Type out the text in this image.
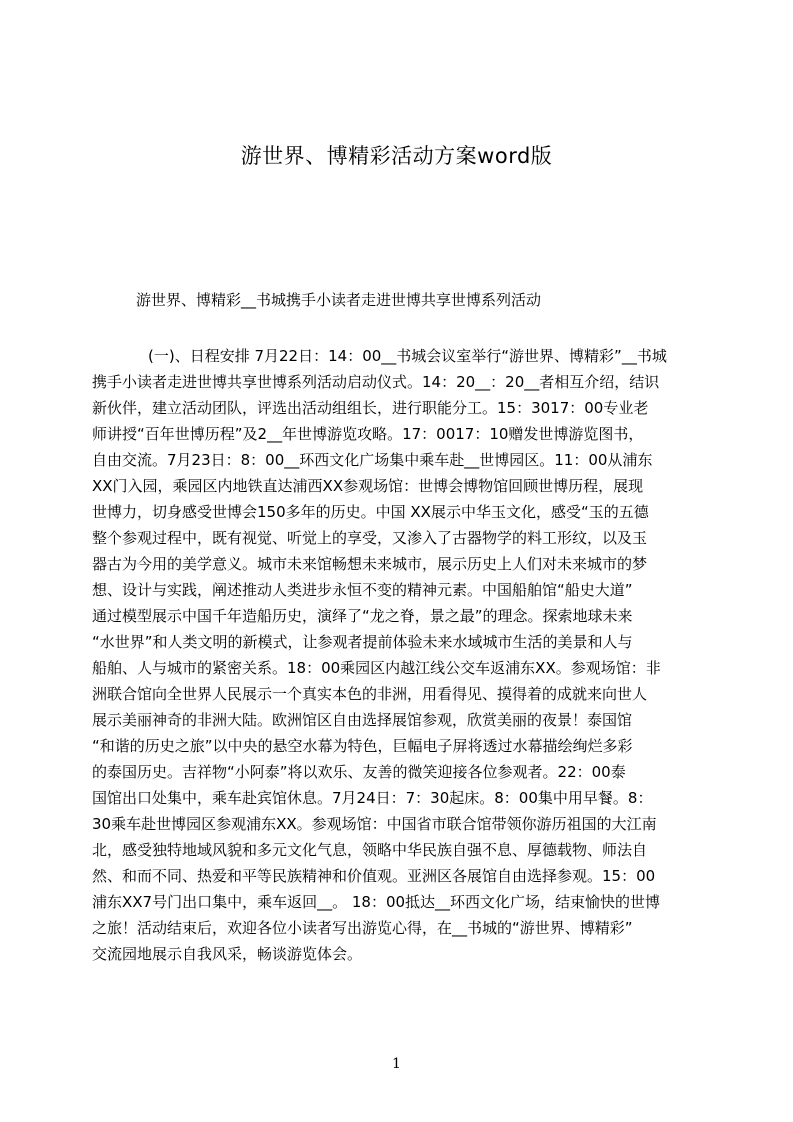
游世界、博精彩活动方案word版
游世界、博精彩__书城携手小读者走进世博共享世博系列活动
(一)、日程安排 7月22日：14：00__书城会议室举行“游世界、博精彩”__书城
携手小读者走进世博共享世博系列活动启动仪式。14：20__：20__者相互介绍，结识
新伙伴，建立活动团队，评选出活动组组长，进行职能分工。15：3017：00专业老
师讲授“百年世博历程”及2__年世博游览攻略。17：0017：10赠发世博游览图书，
自由交流。7月23日：8：00__环西文化广场集中乘车赴__世博园区。11：00从浦东
XX门入园，乘园区内地铁直达浦西XX参观场馆：世博会博物馆回顾世博历程，展现
世博力，切身感受世博会150多年的历史。中国 XX展示中华玉文化，感受“玉的五德
整个参观过程中，既有视觉、听觉上的享受，又渗入了古器物学的料工形纹，以及玉
器古为今用的美学意义。城市未来馆畅想未来城市，展示历史上人们对未来城市的梦
想、设计与实践，阐述推动人类进步永恒不变的精神元素。中国船舶馆“船史大道”
通过模型展示中国千年造船历史，演绎了“龙之脊，景之最”的理念。探索地球未来
“水世界”和人类文明的新模式，让参观者提前体验未来水域城市生活的美景和人与
船舶、人与城市的紧密关系。18：00乘园区内越江线公交车返浦东XX。参观场馆：非
洲联合馆向全世界人民展示一个真实本色的非洲，用看得见、摸得着的成就来向世人
展示美丽神奇的非洲大陆。欧洲馆区自由选择展馆参观，欣赏美丽的夜景！泰国馆
“和谐的历史之旅”以中央的悬空水幕为特色，巨幅电子屏将透过水幕描绘绚烂多彩
的泰国历史。吉祥物“小阿泰”将以欢乐、友善的微笑迎接各位参观者。22：00泰
国馆出口处集中，乘车赴宾馆休息。7月24日：7：30起床。8：00集中用早餐。8：
30乘车赴世博园区参观浦东XX。参观场馆：中国省市联合馆带领你游历祖国的大江南
北，感受独特地域风貌和多元文化气息，领略中华民族自强不息、厚德载物、师法自
然、和而不同、热爱和平等民族精神和价值观。亚洲区各展馆自由选择参观。15：00
浦东XX7号门出口集中，乘车返回__。 18：00抵达__环西文化广场，结束愉快的世博
之旅！活动结束后，欢迎各位小读者写出游览心得，在__书城的“游世界、博精彩”
交流园地展示自我风采，畅谈游览体会。
1
